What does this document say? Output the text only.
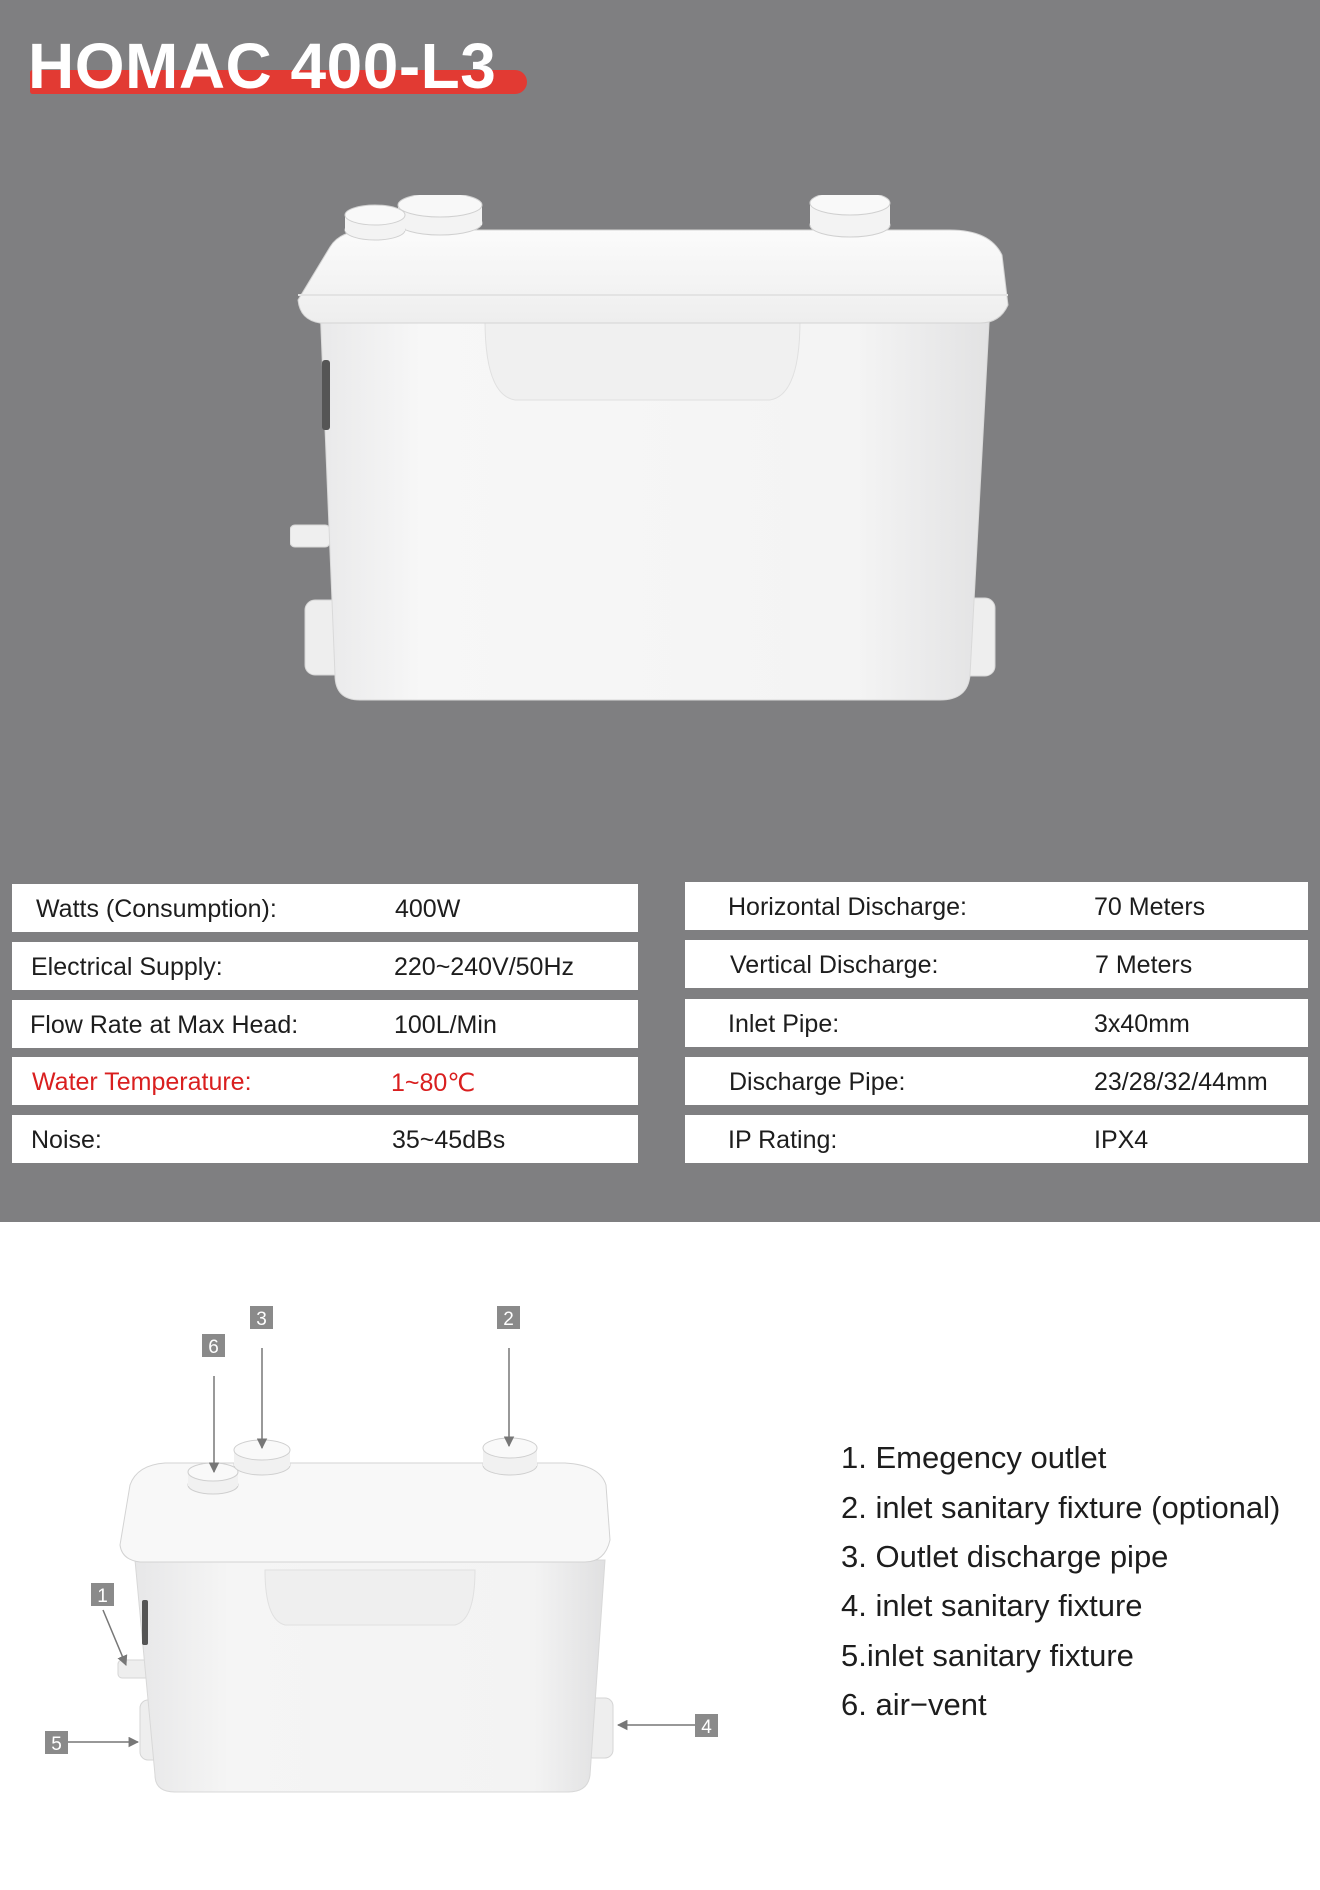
HOMAC 400-L3
Watts (Consumption):	400W
Electrical Supply:	220~240V/50Hz
Flow Rate at Max Head:	100L/Min
Water Temperature:	1~80℃
Noise:	35~45dBs
Horizontal Discharge:	70 Meters
Vertical Discharge:	7 Meters
Inlet Pipe:	3x40mm
Discharge Pipe:	23/28/32/44mm
IP Rating:	IPX4
6
3	2
1
5
4
1. Emegency outlet
2. inlet sanitary fixture (optional)
3. Outlet discharge pipe
4. inlet sanitary fixture
5.inlet sanitary fixture
6. air−vent
